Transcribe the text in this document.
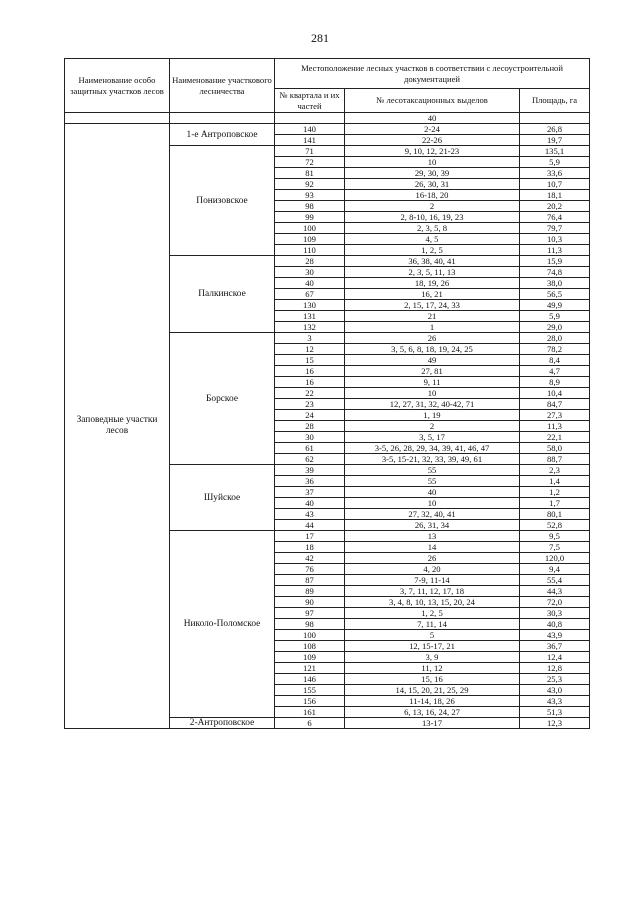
281
Наименование особо защитных участков лесов	Наименование участкового лесничества	Местоположение лесных участков в соответствии с лесоустроительной документацией		
		№ квартала и их частей	№ лесотаксационных выделов	Площадь, га
			40	
Заповедные участки лесов	1-е Антроповское	140	2-24	26,8
		141	22-26	19,7
	Понизовское	71	9, 10, 12, 21-23	135,1
		72	10	5,9
		81	29, 30, 39	33,6
		92	26, 30, 31	10,7
		93	16-18, 20	18,1
		98	2	20,2
		99	2, 8-10, 16, 19, 23	76,4
		100	2, 3, 5, 8	79,7
		109	4, 5	10,3
		110	1, 2, 5	11,3
	Палкинское	28	36, 38, 40, 41	15,9
		30	2, 3, 5, 11, 13	74,8
		40	18, 19, 26	38,0
		67	16, 21	56,5
		130	2, 15, 17, 24, 33	49,9
		131	21	5,9
		132	1	29,0
	Борское	3	26	28,0
		12	3, 5, 6, 8, 18, 19, 24, 25	78,2
		15	49	8,4
		16	27, 81	4,7
		16	9, 11	8,9
		22	10	10,4
		23	12, 27, 31, 32, 40-42, 71	84,7
		24	1, 19	27,3
		28	2	11,3
		30	3, 5, 17	22,1
		61	3-5, 26, 28, 29, 34, 39, 41, 46, 47	58,0
		62	3-5, 15-21, 32, 33, 39, 49, 61	88,7
	Шуйское	39	55	2,3
		36	55	1,4
		37	40	1,2
		40	10	1,7
		43	27, 32, 40, 41	80,1
		44	26, 31, 34	52,8
	Николо-Поломское	17	13	9,5
		18	14	7,5
		42	26	120,0
		76	4, 20	9,4
		87	7-9, 11-14	55,4
		89	3, 7, 11, 12, 17, 18	44,3
		90	3, 4, 8, 10, 13, 15, 20, 24	72,0
		97	1, 2, 5	30,3
		98	7, 11, 14	40,8
		100	5	43,9
		108	12, 15-17, 21	36,7
		109	3, 9	12,4
		121	11, 12	12,8
		146	15, 16	25,3
		155	14, 15, 20, 21, 25, 29	43,0
		156	11-14, 18, 26	43,3
		161	6, 13, 16, 24, 27	51,3
	2-Антроповское	6	13-17	12,3
